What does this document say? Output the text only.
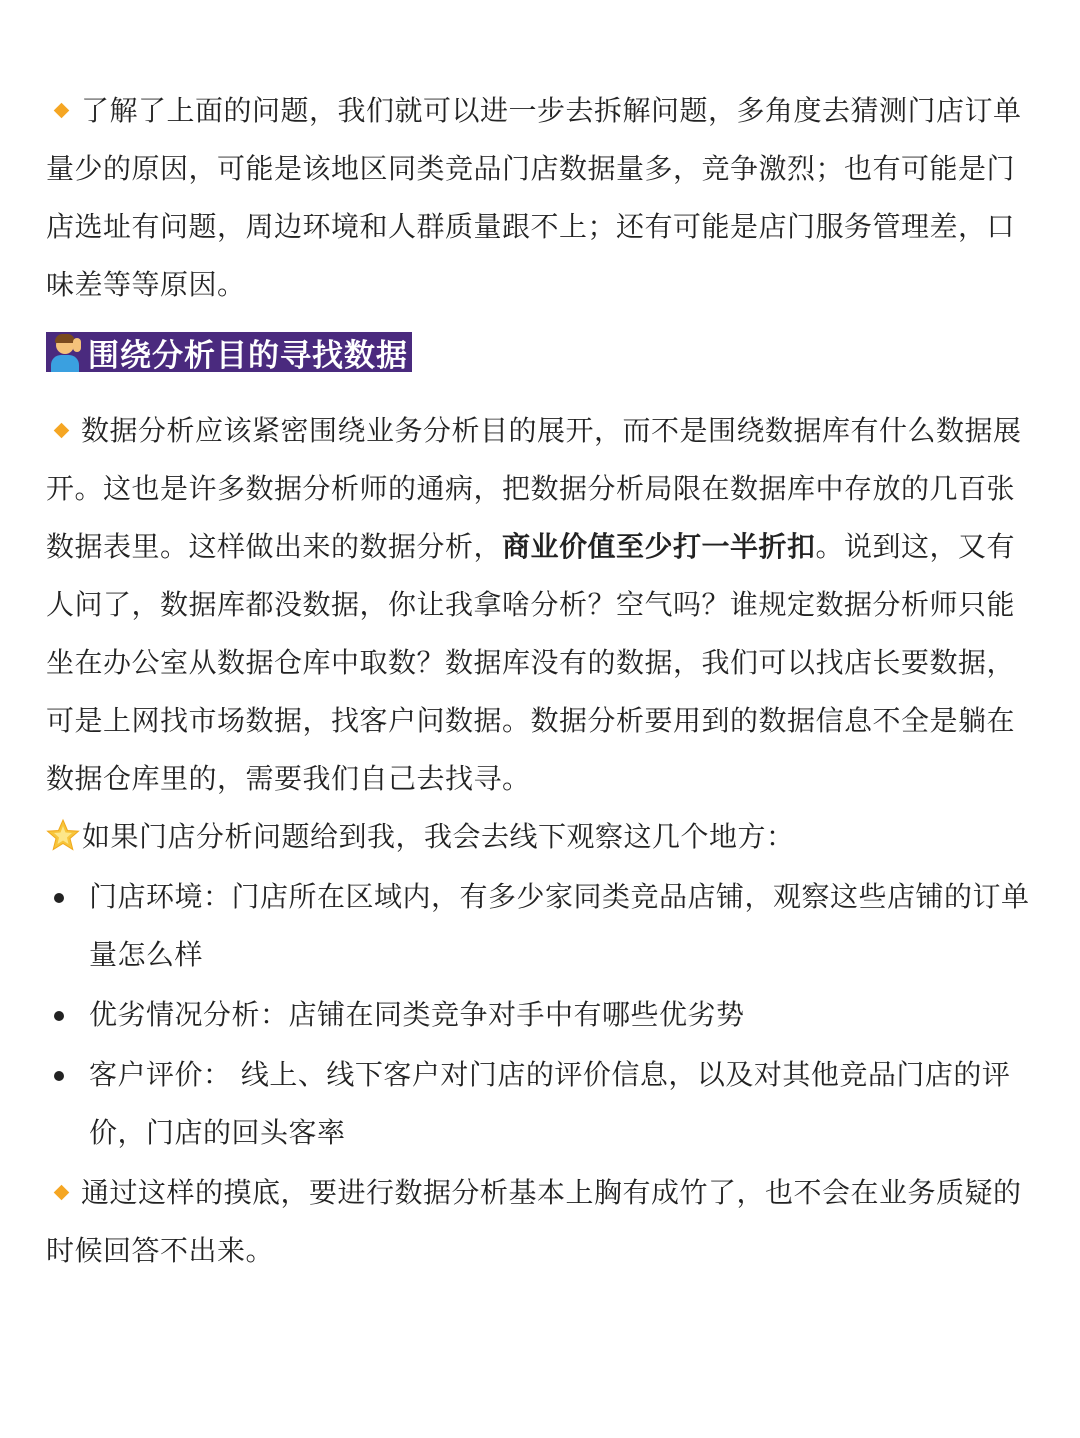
了解了上面的问题，我们就可以进一步去拆解问题，多角度去猜测门店订单量少的原因，可能是该地区同类竞品门店数据量多，竞争激烈；也有可能是门店选址有问题，周边环境和人群质量跟不上；还有可能是店门服务管理差，口味差等等原因。

围绕分析目的寻找数据

数据分析应该紧密围绕业务分析目的展开，而不是围绕数据库有什么数据展开。这也是许多数据分析师的通病，把数据分析局限在数据库中存放的几百张数据表里。这样做出来的数据分析，商业价值至少打一半折扣。说到这，又有人问了，数据库都没数据，你让我拿啥分析？空气吗？谁规定数据分析师只能坐在办公室从数据仓库中取数？数据库没有的数据，我们可以找店长要数据，可是上网找市场数据，找客户问数据。数据分析要用到的数据信息不全是躺在数据仓库里的，需要我们自己去找寻。

如果门店分析问题给到我，我会去线下观察这几个地方：

门店环境：门店所在区域内，有多少家同类竞品店铺，观察这些店铺的订单量怎么样
优劣情况分析：店铺在同类竞争对手中有哪些优劣势
客户评价： 线上、线下客户对门店的评价信息，以及对其他竞品门店的评价，门店的回头客率

通过这样的摸底，要进行数据分析基本上胸有成竹了，也不会在业务质疑的时候回答不出来。
